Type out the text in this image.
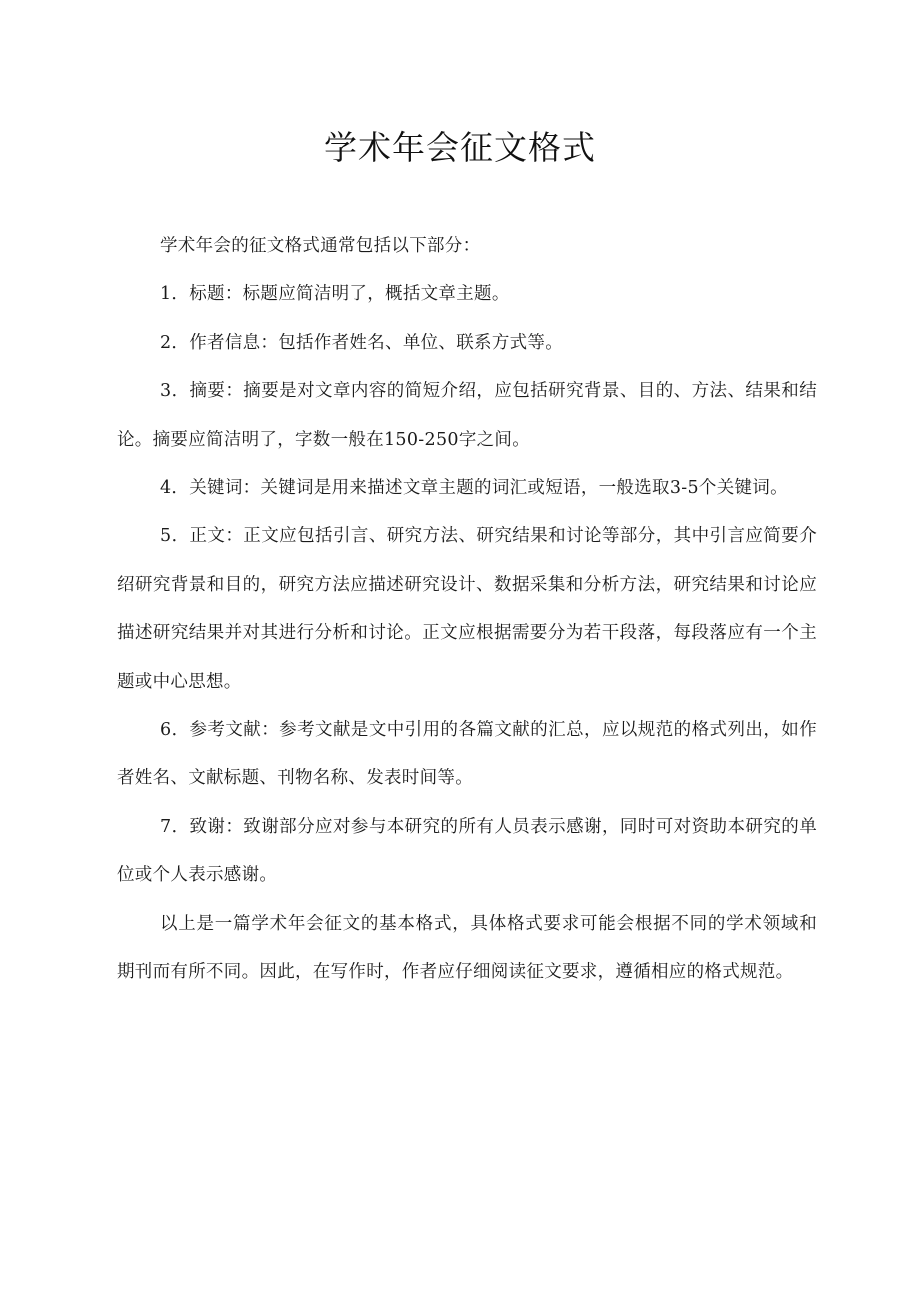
学术年会征文格式

学术年会的征文格式通常包括以下部分：

1．标题：标题应简洁明了，概括文章主题。

2．作者信息：包括作者姓名、单位、联系方式等。

3．摘要：摘要是对文章内容的简短介绍，应包括研究背景、目的、方法、结果和结论。摘要应简洁明了，字数一般在150-250字之间。

4．关键词：关键词是用来描述文章主题的词汇或短语，一般选取3-5个关键词。

5．正文：正文应包括引言、研究方法、研究结果和讨论等部分，其中引言应简要介绍研究背景和目的，研究方法应描述研究设计、数据采集和分析方法，研究结果和讨论应描述研究结果并对其进行分析和讨论。正文应根据需要分为若干段落，每段落应有一个主题或中心思想。

6．参考文献：参考文献是文中引用的各篇文献的汇总，应以规范的格式列出，如作者姓名、文献标题、刊物名称、发表时间等。

7．致谢：致谢部分应对参与本研究的所有人员表示感谢，同时可对资助本研究的单位或个人表示感谢。

以上是一篇学术年会征文的基本格式，具体格式要求可能会根据不同的学术领域和期刊而有所不同。因此，在写作时，作者应仔细阅读征文要求，遵循相应的格式规范。
